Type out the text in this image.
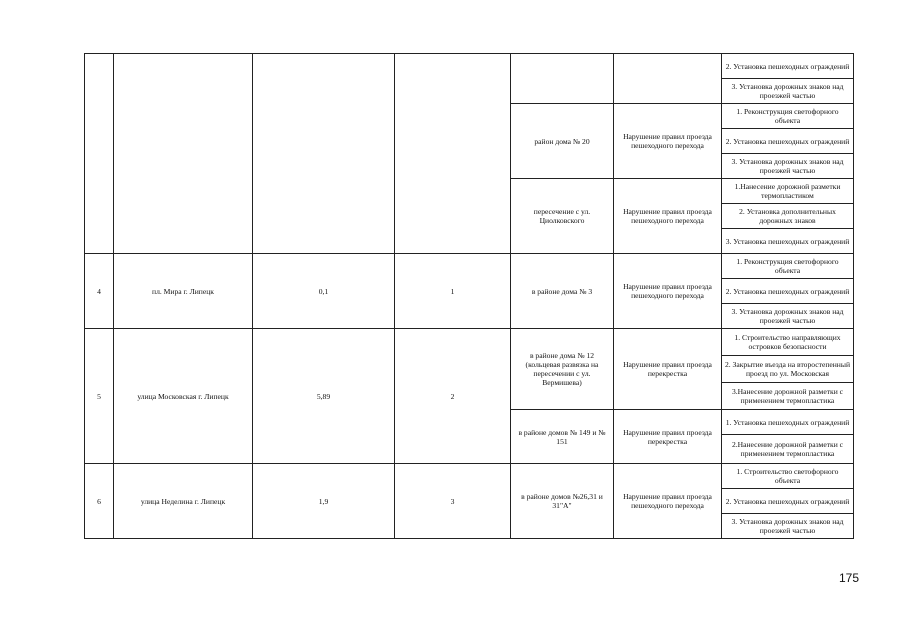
						2. Установка пешеходных ограждений
						3. Установка дорожных знаков над проезжей частью
				район дома № 20	Нарушение правил проезда пешеходного перехода	1. Реконструкция светофорного объекта
						2. Установка пешеходных ограждений
						3. Установка дорожных знаков над проезжей частью
				пересечение с ул. Циолковского	Нарушение правил проезда пешеходного перехода	1.Нанесение дорожной разметки термопластиком
						2. Установка дополнительных дорожных знаков
						3. Установка пешеходных ограждений
4	пл. Мира г. Липецк	0,1	1	в районе дома № 3	Нарушение правил проезда пешеходного перехода	1. Реконструкция светофорного объекта
						2. Установка пешеходных ограждений
						3. Установка дорожных знаков над проезжей частью
5	улица Московская г. Липецк	5,89	2	в районе дома № 12 (кольцевая развязка на пересечении с ул. Вермишева)	Нарушение правил проезда перекрестка	1. Строительство направляющих островков безопасности
						2. Закрытие въезда на второстепенный проезд по ул. Московская
						3.Нанесение дорожной разметки с применением термопластика
				в районе домов № 149 и № 151	Нарушение правил проезда перекрестка	1. Установка пешеходных ограждений
						2.Нанесение дорожной разметки с применением термопластика
6	улица Неделина г. Липецк	1,9	3	в районе домов №26,31 и 31"А"	Нарушение правил проезда пешеходного перехода	1. Строительство светофорного объекта
						2. Установка пешеходных ограждений
						3. Установка дорожных знаков над проезжей частью
175
